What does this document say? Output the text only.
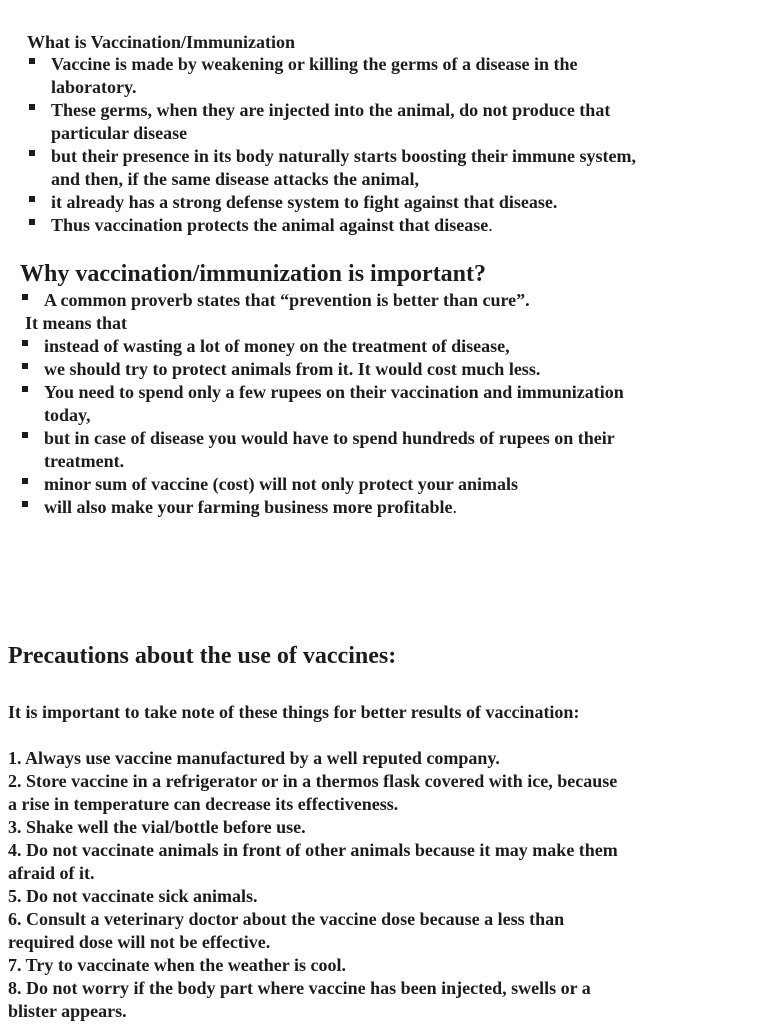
What is Vaccination/Immunization
Vaccine is made by weakening or killing the germs of a disease in the
laboratory.
These germs, when they are injected into the animal, do not produce that
particular disease
but their presence in its body naturally starts boosting their immune system,
and then, if the same disease attacks the animal,
it already has a strong defense system to fight against that disease.
Thus vaccination protects the animal against that disease.
Why vaccination/immunization is important?
A common proverb states that “prevention is better than cure”.
It means that
instead of wasting a lot of money on the treatment of disease,
we should try to protect animals from it. It would cost much less.
You need to spend only a few rupees on their vaccination and immunization
today,
but in case of disease you would have to spend hundreds of rupees on their
treatment.
minor sum of vaccine (cost) will not only protect your animals
will also make your farming business more profitable.
Precautions about the use of vaccines:
It is important to take note of these things for better results of vaccination:
1. Always use vaccine manufactured by a well reputed company.
2. Store vaccine in a refrigerator or in a thermos flask covered with ice, because
a rise in temperature can decrease its effectiveness.
3. Shake well the vial/bottle before use.
4. Do not vaccinate animals in front of other animals because it may make them
afraid of it.
5. Do not vaccinate sick animals.
6. Consult a veterinary doctor about the vaccine dose because a less than
required dose will not be effective.
7. Try to vaccinate when the weather is cool.
8. Do not worry if the body part where vaccine has been injected, swells or a
blister appears.
